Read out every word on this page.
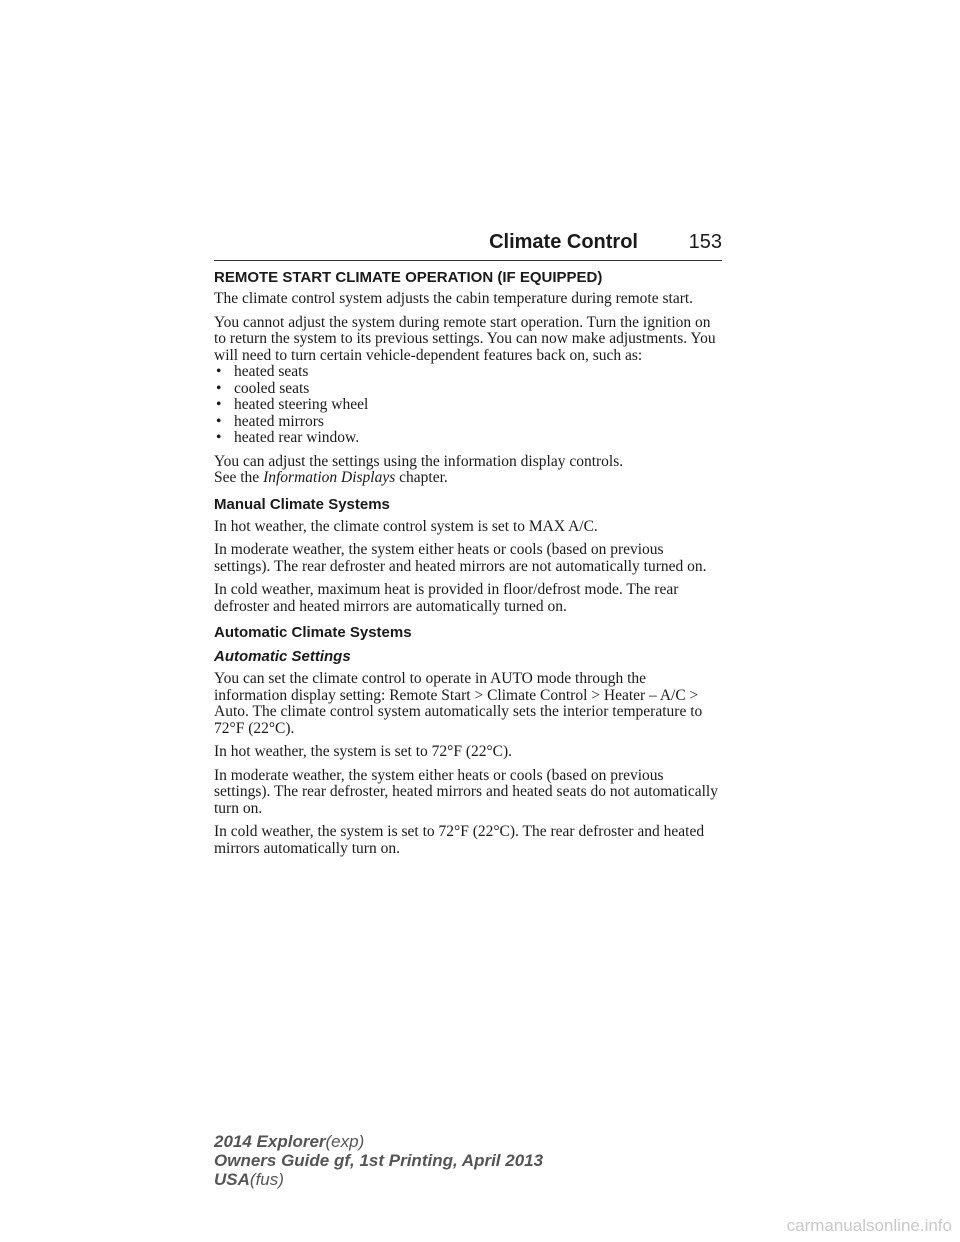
Climate Control	153
REMOTE START CLIMATE OPERATION (IF EQUIPPED)

The climate control system adjusts the cabin temperature during remote start.

You cannot adjust the system during remote start operation. Turn the ignition on to return the system to its previous settings. You can now make adjustments. You will need to turn certain vehicle-dependent features back on, such as:

• heated seats
• cooled seats
• heated steering wheel
• heated mirrors
• heated rear window.

You can adjust the settings using the information display controls.
See the Information Displays chapter.

Manual Climate Systems

In hot weather, the climate control system is set to MAX A/C.

In moderate weather, the system either heats or cools (based on previous settings). The rear defroster and heated mirrors are not automatically turned on.

In cold weather, maximum heat is provided in floor/defrost mode. The rear defroster and heated mirrors are automatically turned on.

Automatic Climate Systems
Automatic Settings

You can set the climate control to operate in AUTO mode through the information display setting: Remote Start > Climate Control > Heater – A/C > Auto. The climate control system automatically sets the interior temperature to 72°F (22°C).

In hot weather, the system is set to 72°F (22°C).

In moderate weather, the system either heats or cools (based on previous settings). The rear defroster, heated mirrors and heated seats do not automatically turn on.

In cold weather, the system is set to 72°F (22°C). The rear defroster and heated mirrors automatically turn on.

2014 Explorer(exp)
Owners Guide gf, 1st Printing, April 2013
USA(fus)
carmanualsonline.info
